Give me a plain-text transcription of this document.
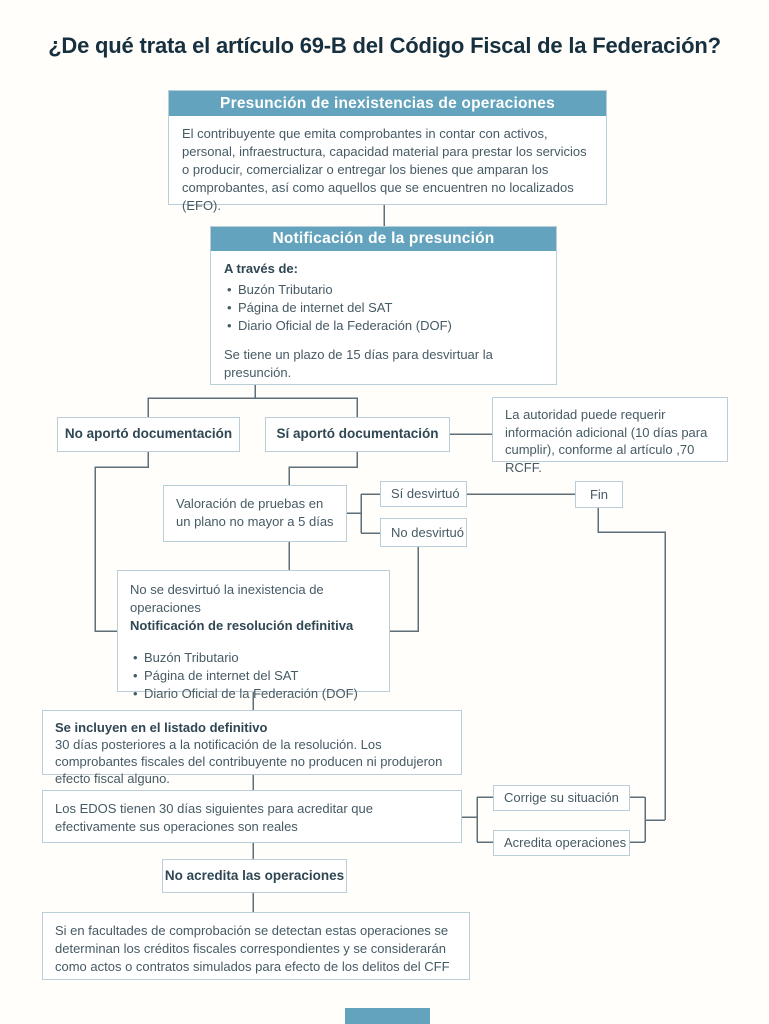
¿De qué trata el artículo 69-B del Código Fiscal de la Federación?
Presunción de inexistencias de operaciones
El contribuyente que emita comprobantes in contar con activos, personal, infraestructura, capacidad material para prestar los servicios o producir, comercializar o entregar los bienes que amparan los comprobantes, así como aquellos que se encuentren no localizados (EFO).
Notificación de la presunción
A través de:
• Buzón Tributario
• Página de internet del SAT
• Diario Oficial de la Federación (DOF)
Se tiene un plazo de 15 días para desvirtuar la presunción.
No aportó documentación	Sí aportó documentación
La autoridad puede requerir información adicional (10 días para cumplir), conforme al artículo ,70 RCFF.
Valoración de pruebas en un plano no mayor a 5 días
Sí desvirtuó
No desvirtuó
Fin
No se desvirtuó la inexistencia de operaciones
Notificación de resolución definitiva
• Buzón Tributario
• Página de internet del SAT
• Diario Oficial de la Federación (DOF)
Se incluyen en el listado definitivo
30 días posteriores a la notificación de la resolución. Los comprobantes fiscales del contribuyente no producen ni produjeron efecto fiscal alguno.
Los EDOS tienen 30 días siguientes para acreditar que efectivamente sus operaciones son reales
Corrige su situación
Acredita operaciones
No acredita las operaciones
Si en facultades de comprobación se detectan estas operaciones se determinan los créditos fiscales correspondientes y se considerarán como actos o contratos simulados para efecto de los delitos del CFF
